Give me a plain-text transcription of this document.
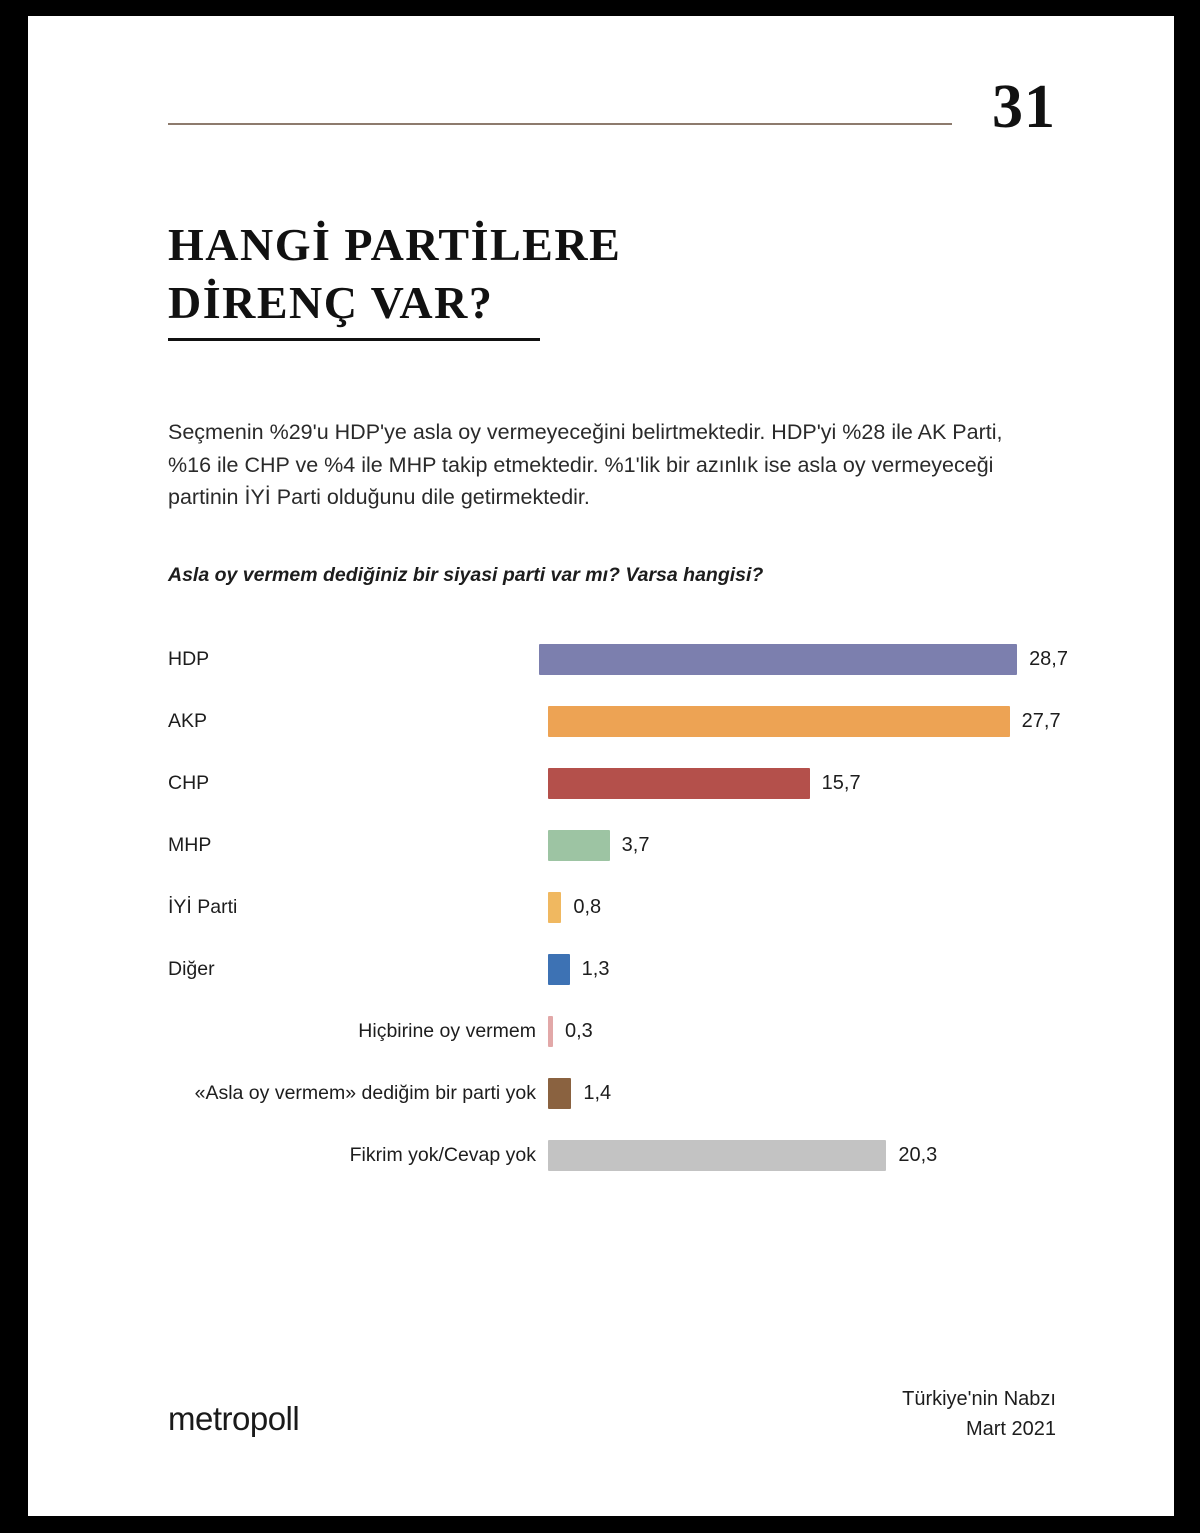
31
HANGİ PARTİLERE
DİRENÇ VAR?
Seçmenin %29'u HDP'ye asla oy vermeyeceğini belirtmektedir. HDP'yi %28 ile AK Parti, %16 ile CHP ve %4 ile MHP takip etmektedir. %1'lik bir azınlık ise asla oy vermeyeceği partinin İYİ Parti olduğunu dile getirmektedir.
Asla oy vermem dediğiniz bir siyasi parti var mı? Varsa hangisi?
HDP	28,7
AKP	27,7
CHP	15,7
MHP	3,7
İYİ Parti	0,8
Diğer	1,3
Hiçbirine oy vermem	0,3
«Asla oy vermem» dediğim bir parti yok	1,4
Fikrim yok/Cevap yok	20,3
metropoll
Türkiye'nin Nabzı
Mart 2021
